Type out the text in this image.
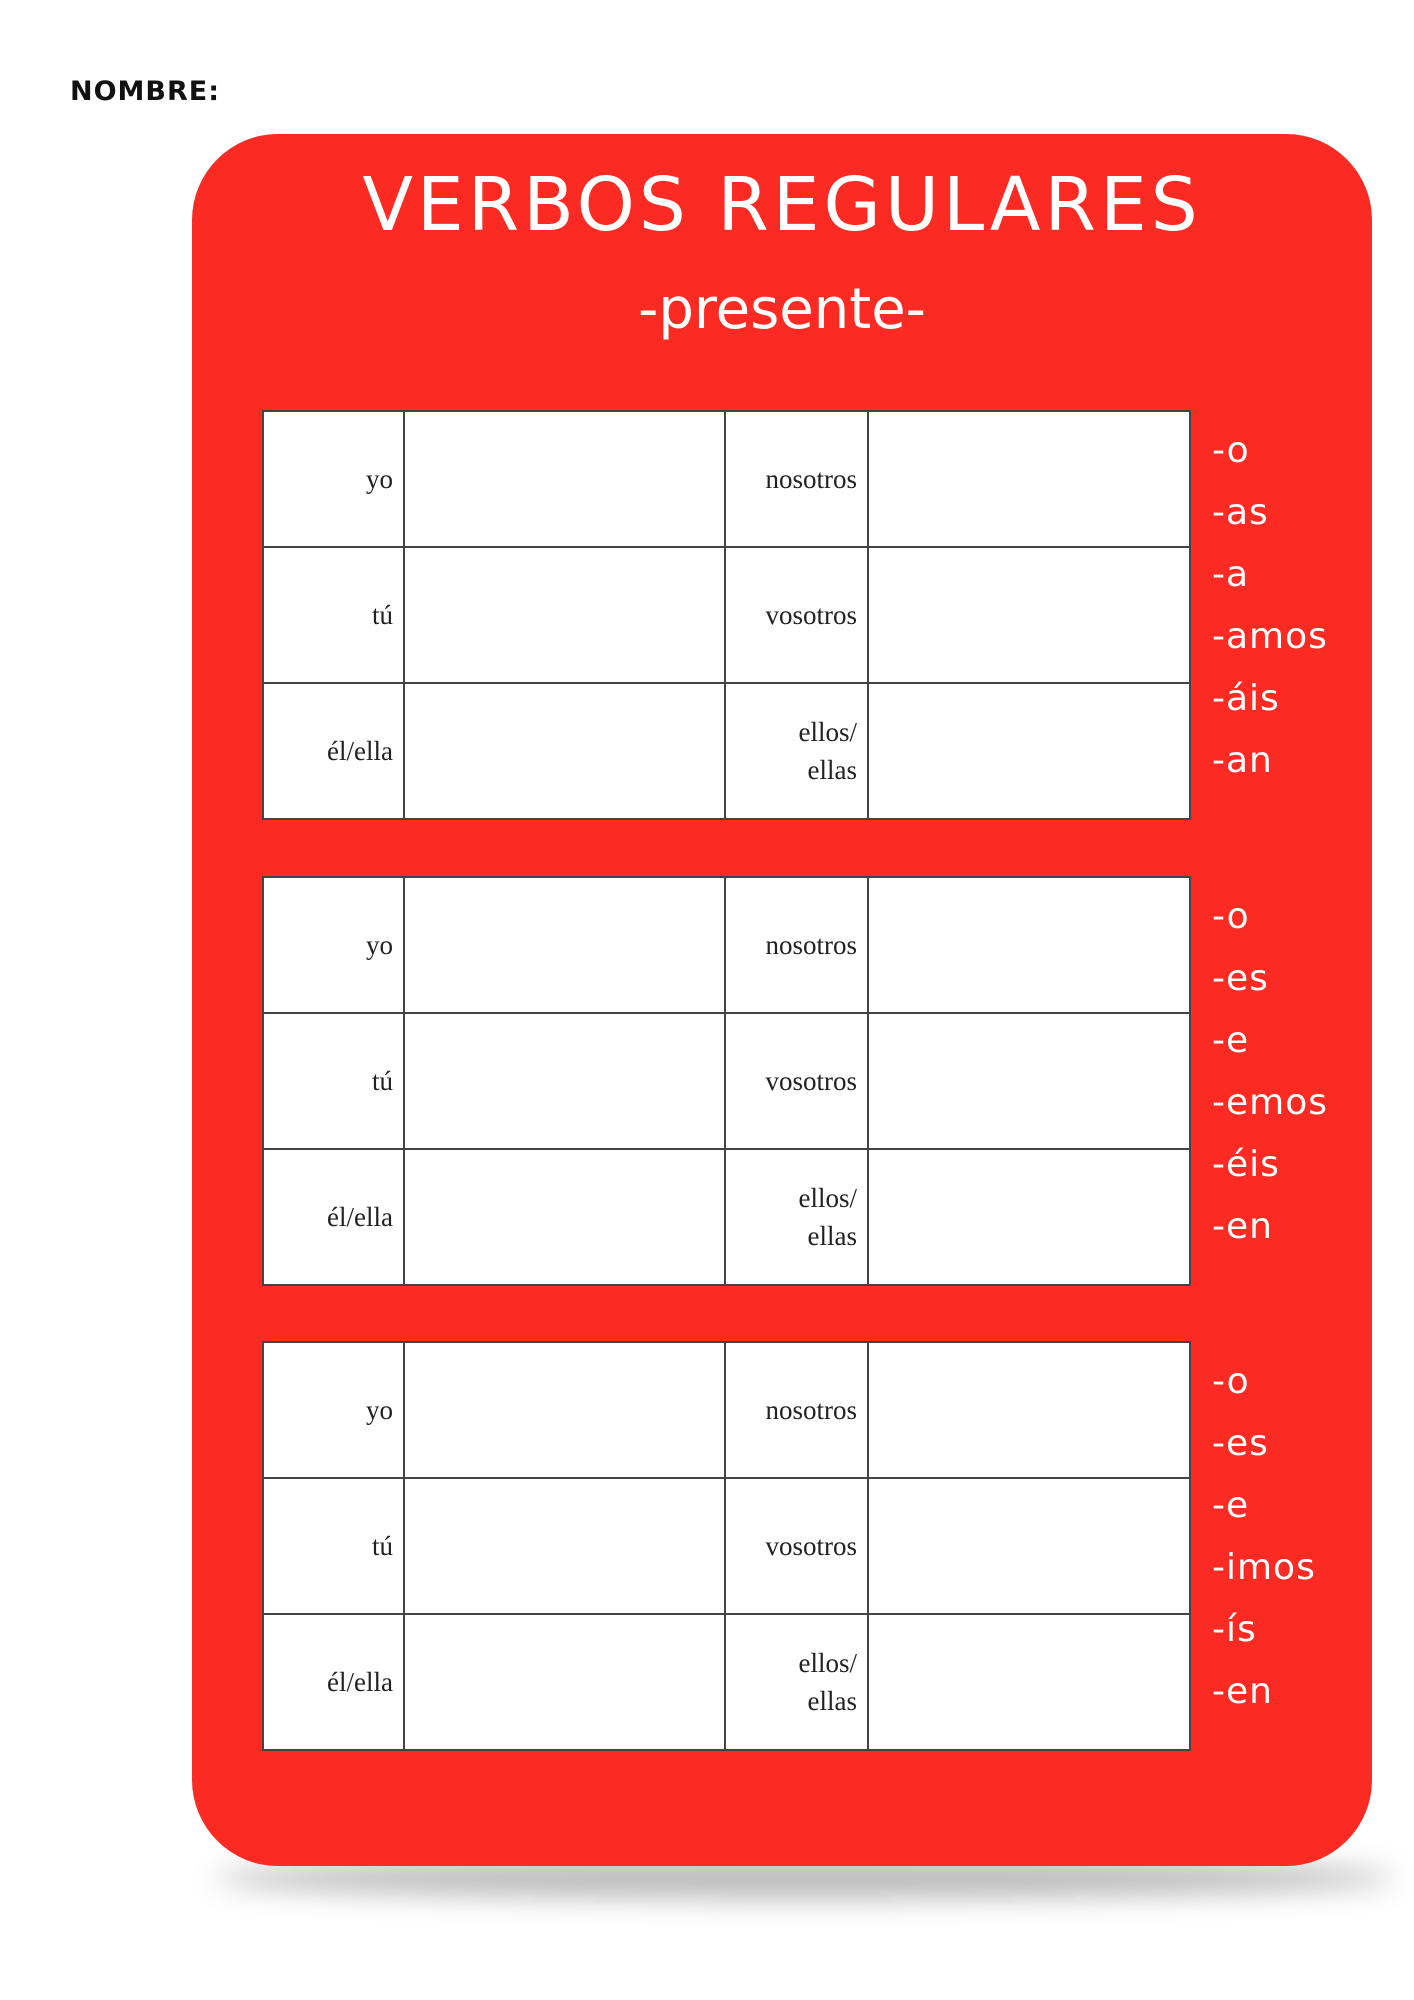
NOMBRE:
VERBOS REGULARES
-presente-
yo		nosotros	
tú		vosotros	
él/ella		ellos/
ellas	
-o
-as
-a
-amos
-áis
-an
yo		nosotros	
tú		vosotros	
él/ella		ellos/
ellas	
-o
-es
-e
-emos
-éis
-en
yo		nosotros	
tú		vosotros	
él/ella		ellos/
ellas	
-o
-es
-e
-imos
-ís
-en
